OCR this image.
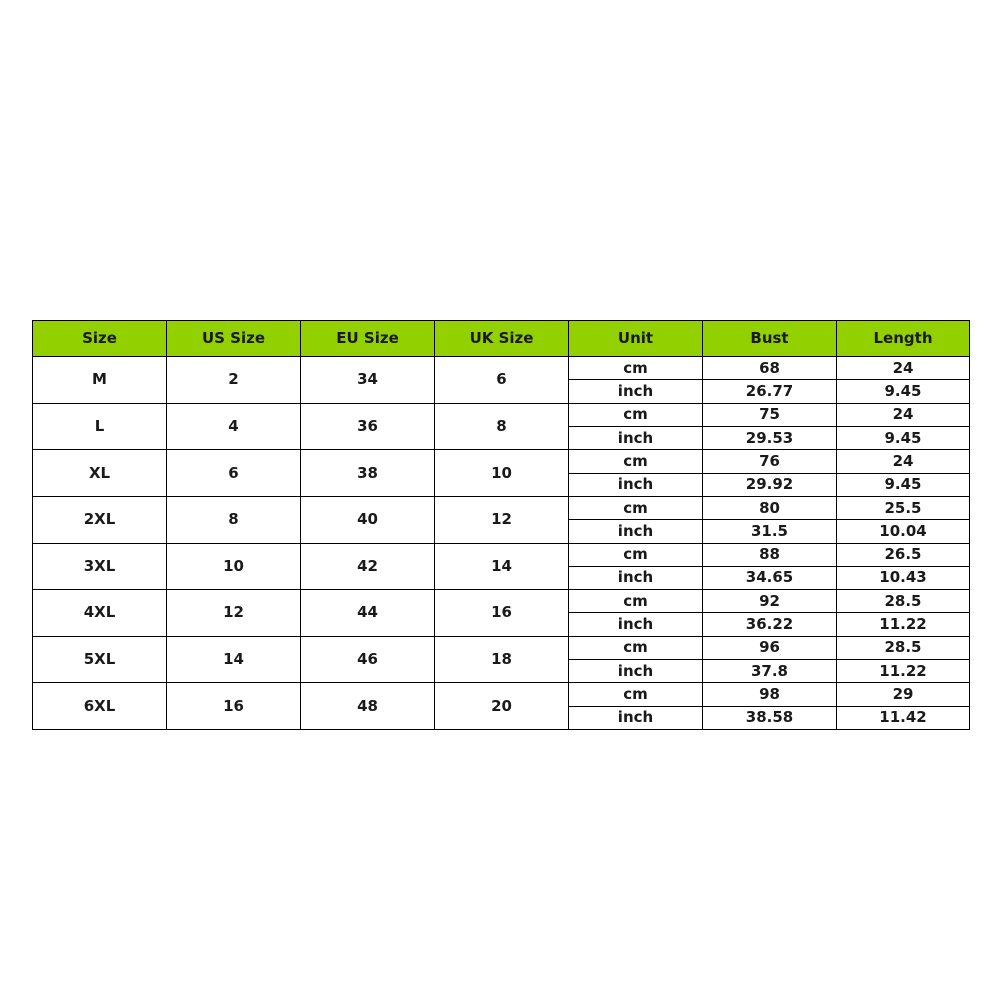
Size	US Size	EU Size	UK Size	Unit	Bust	Length
M	2	34	6	cm	68	24
				inch	26.77	9.45
L	4	36	8	cm	75	24
				inch	29.53	9.45
XL	6	38	10	cm	76	24
				inch	29.92	9.45
2XL	8	40	12	cm	80	25.5
				inch	31.5	10.04
3XL	10	42	14	cm	88	26.5
				inch	34.65	10.43
4XL	12	44	16	cm	92	28.5
				inch	36.22	11.22
5XL	14	46	18	cm	96	28.5
				inch	37.8	11.22
6XL	16	48	20	cm	98	29
				inch	38.58	11.42
